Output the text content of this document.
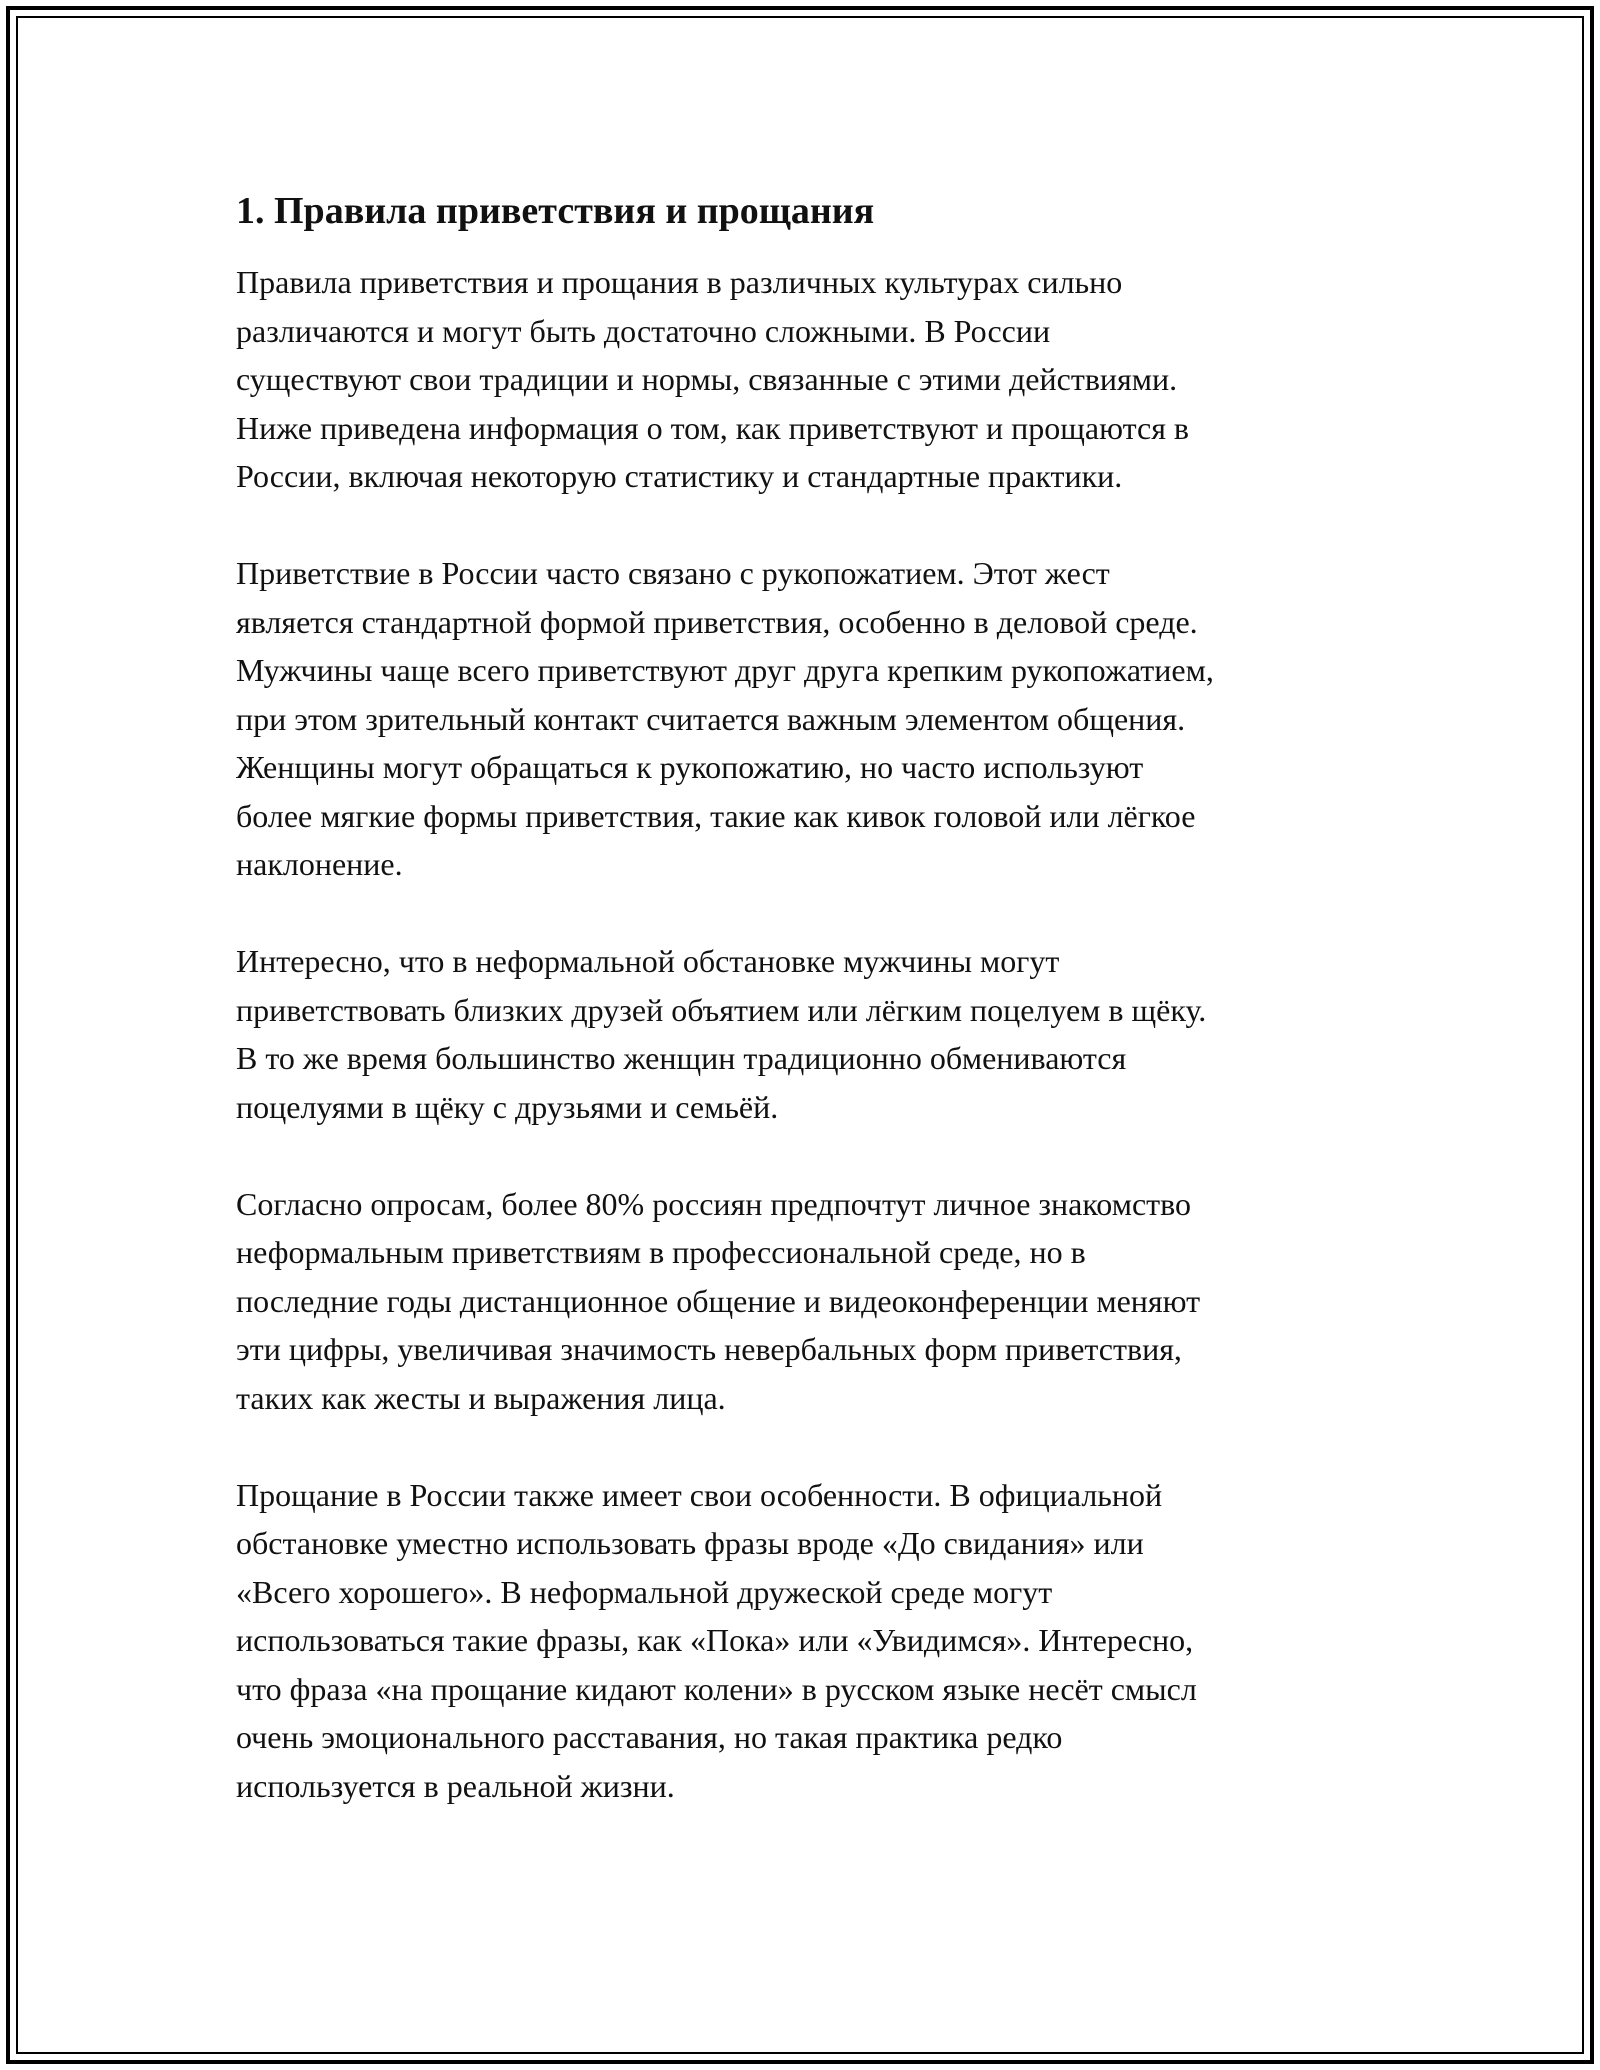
1. Правила приветствия и прощания
Правила приветствия и прощания в различных культурах сильно
различаются и могут быть достаточно сложными. В России
существуют свои традиции и нормы, связанные с этими действиями.
Ниже приведена информация о том, как приветствуют и прощаются в
России, включая некоторую статистику и стандартные практики.
Приветствие в России часто связано с рукопожатием. Этот жест
является стандартной формой приветствия, особенно в деловой среде.
Мужчины чаще всего приветствуют друг друга крепким рукопожатием,
при этом зрительный контакт считается важным элементом общения.
Женщины могут обращаться к рукопожатию, но часто используют
более мягкие формы приветствия, такие как кивок головой или лёгкое
наклонение.
Интересно, что в неформальной обстановке мужчины могут
приветствовать близких друзей объятием или лёгким поцелуем в щёку.
В то же время большинство женщин традиционно обмениваются
поцелуями в щёку с друзьями и семьёй.
Согласно опросам, более 80% россиян предпочтут личное знакомство
неформальным приветствиям в профессиональной среде, но в
последние годы дистанционное общение и видеоконференции меняют
эти цифры, увеличивая значимость невербальных форм приветствия,
таких как жесты и выражения лица.
Прощание в России также имеет свои особенности. В официальной
обстановке уместно использовать фразы вроде «До свидания» или
«Всего хорошего». В неформальной дружеской среде могут
использоваться такие фразы, как «Пока» или «Увидимся». Интересно,
что фраза «на прощание кидают колени» в русском языке несёт смысл
очень эмоционального расставания, но такая практика редко
используется в реальной жизни.
